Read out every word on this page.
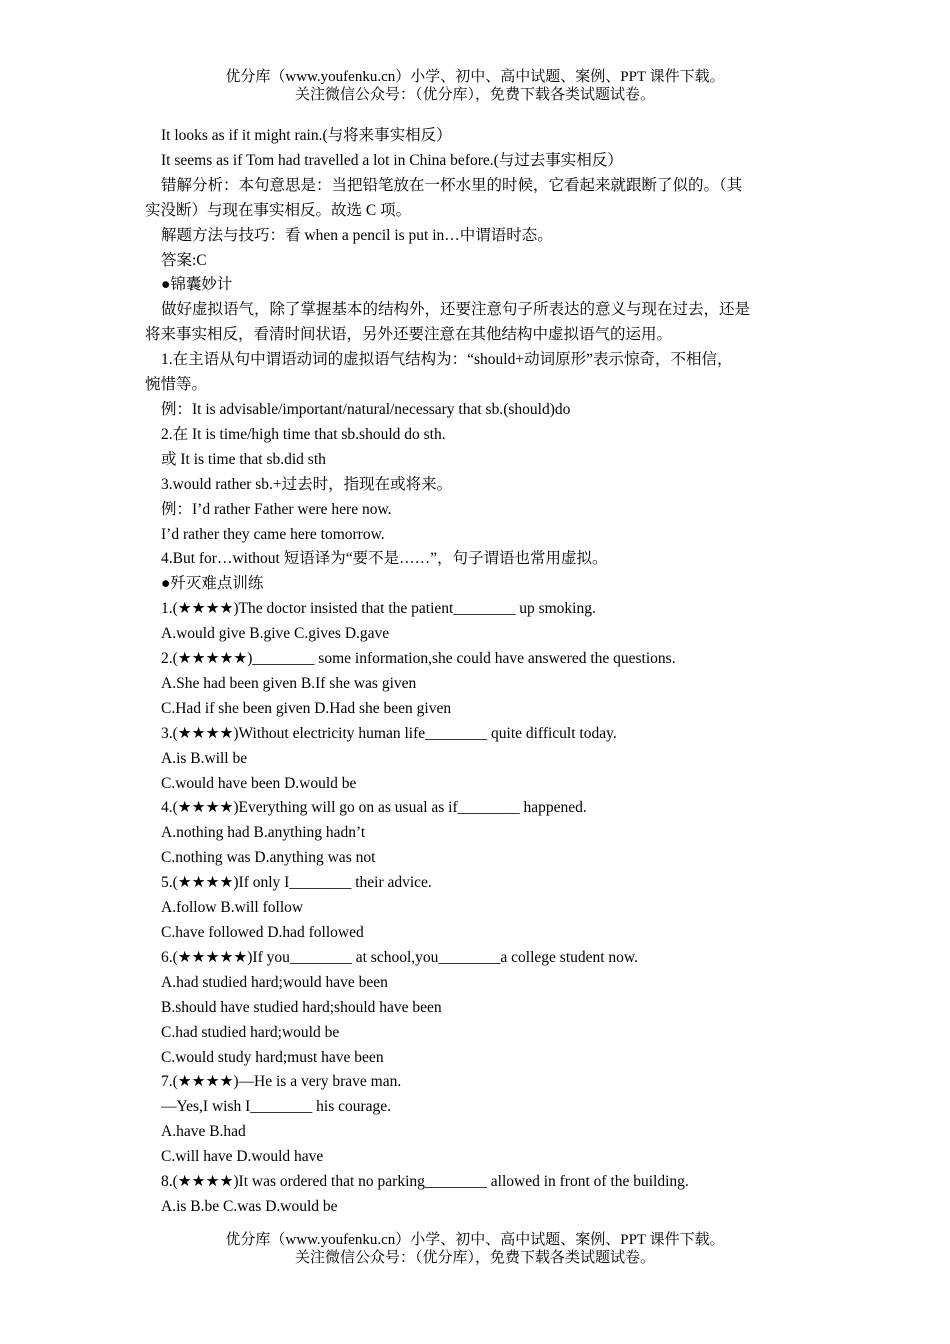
优分库（www.youfenku.cn）小学、初中、高中试题、案例、PPT 课件下载。
关注微信公众号：（优分库），免费下载各类试题试卷。
It looks as if it might rain.(与将来事实相反）
It seems as if Tom had travelled a lot in China before.(与过去事实相反）
错解分析：本句意思是：当把铅笔放在一杯水里的时候，它看起来就跟断了似的。（其
实没断）与现在事实相反。故选 C 项。
解题方法与技巧：看 when a pencil is put in…中谓语时态。
答案:C
●锦囊妙计
做好虚拟语气，除了掌握基本的结构外，还要注意句子所表达的意义与现在过去，还是
将来事实相反，看清时间状语，另外还要注意在其他结构中虚拟语气的运用。
1.在主语从句中谓语动词的虚拟语气结构为：“should+动词原形”表示惊奇，不相信，
惋惜等。
例：It is advisable/important/natural/necessary that sb.(should)do
2.在 It is time/high time that sb.should do sth.
或 It is time that sb.did sth
3.would rather sb.+过去时，指现在或将来。
例：I’d rather Father were here now.
I’d rather they came here tomorrow.
4.But for…without 短语译为“要不是……”，句子谓语也常用虚拟。
●歼灭难点训练
1.(★★★★)The doctor insisted that the patient________ up smoking.
A.would give B.give C.gives D.gave
2.(★★★★★)________ some information,she could have answered the questions.
A.She had been given B.If she was given
C.Had if she been given D.Had she been given
3.(★★★★)Without electricity human life________ quite difficult today.
A.is B.will be
C.would have been D.would be
4.(★★★★)Everything will go on as usual as if________ happened.
A.nothing had B.anything hadn’t
C.nothing was D.anything was not
5.(★★★★)If only I________ their advice.
A.follow B.will follow
C.have followed D.had followed
6.(★★★★★)If you________ at school,you________a college student now.
A.had studied hard;would have been
B.should have studied hard;should have been
C.had studied hard;would be
C.would study hard;must have been
7.(★★★★)—He is a very brave man.
—Yes,I wish I________ his courage.
A.have B.had
C.will have D.would have
8.(★★★★)It was ordered that no parking________ allowed in front of the building.
A.is B.be C.was D.would be
优分库（www.youfenku.cn）小学、初中、高中试题、案例、PPT 课件下载。
关注微信公众号：（优分库），免费下载各类试题试卷。
